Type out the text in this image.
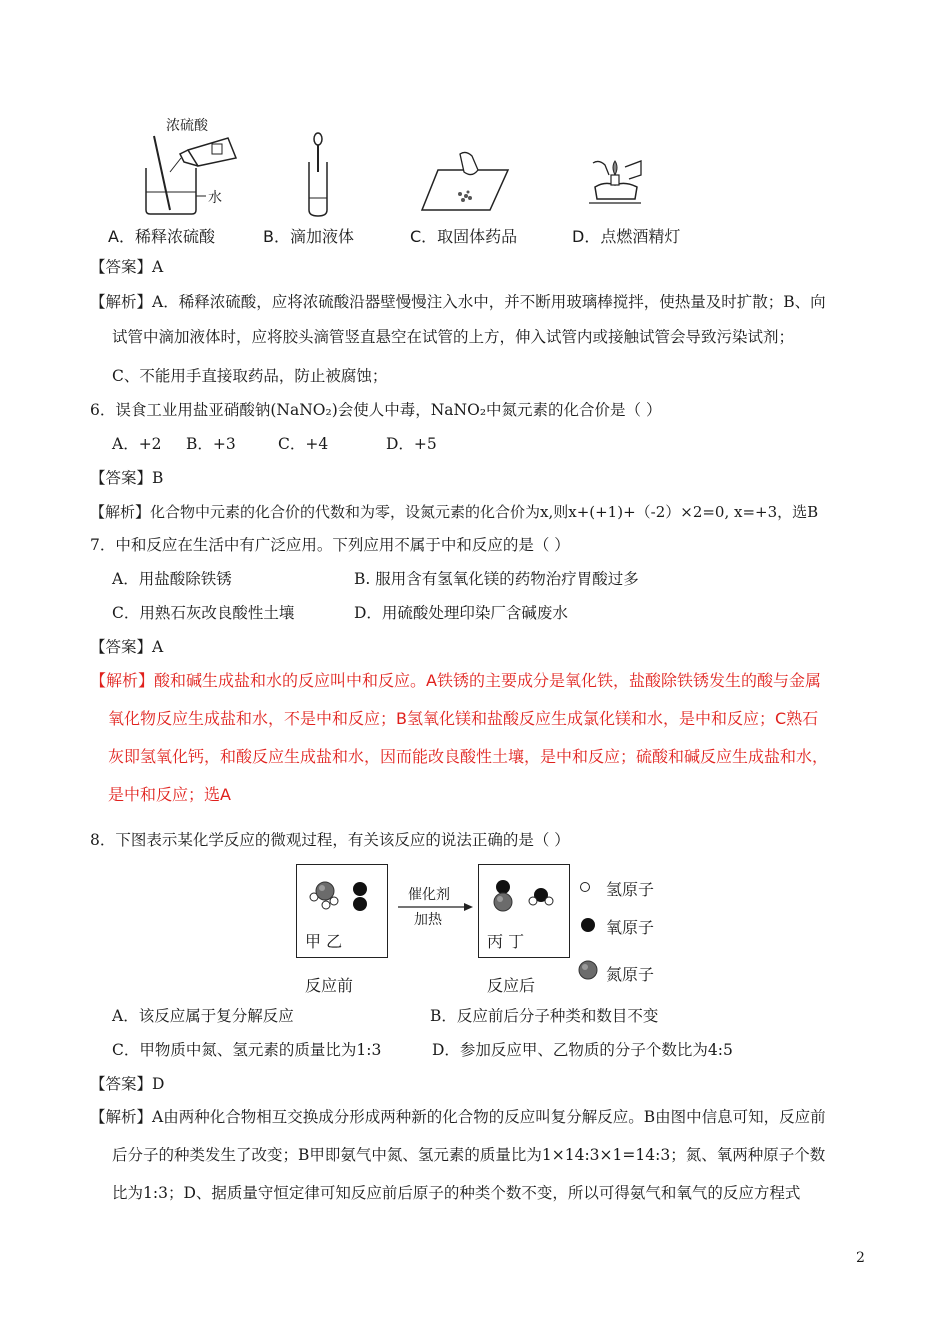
浓硫酸
水
A．稀释浓硫酸	B．滴加液体	C．取固体药品	D．点燃酒精灯
【答案】A
【解析】A．稀释浓硫酸，应将浓硫酸沿器壁慢慢注入水中，并不断用玻璃棒搅拌，使热量及时扩散；B、向
试管中滴加液体时，应将胶头滴管竖直悬空在试管的上方，伸入试管内或接触试管会导致污染试剂；
C、不能用手直接取药品，防止被腐蚀；
6．误食工业用盐亚硝酸钠(NaNO₂)会使人中毒，NaNO₂中氮元素的化合价是（ ）
A．+2 B．+3	C．+4	D．+5
【答案】B
【解析】化合物中元素的化合价的代数和为零，设氮元素的化合价为x,则x+(+1)+（-2）×2=0, x=+3，选B
7．中和反应在生活中有广泛应用。下列应用不属于中和反应的是（ ）
A．用盐酸除铁锈	B. 服用含有氢氧化镁的药物治疗胃酸过多
C．用熟石灰改良酸性土壤	D．用硫酸处理印染厂含碱废水
【答案】A
【解析】酸和碱生成盐和水的反应叫中和反应。A铁锈的主要成分是氧化铁，盐酸除铁锈发生的酸与金属
氧化物反应生成盐和水，不是中和反应；B氢氧化镁和盐酸反应生成氯化镁和水，是中和反应；C熟石
灰即氢氧化钙，和酸反应生成盐和水，因而能改良酸性土壤，是中和反应；硫酸和碱反应生成盐和水，
是中和反应；选A
8．下图表示某化学反应的微观过程，有关该反应的说法正确的是（ ）
甲 乙
催化剂
加热
丙 丁
反应前	反应后
氢原子
氧原子
氮原子
A．该反应属于复分解反应	B．反应前后分子种类和数目不变
C．甲物质中氮、氢元素的质量比为1:3	D．参加反应甲、乙物质的分子个数比为4:5
【答案】D
【解析】A由两种化合物相互交换成分形成两种新的化合物的反应叫复分解反应。B由图中信息可知，反应前
后分子的种类发生了改变；B甲即氨气中氮、氢元素的质量比为1×14:3×1=14:3；氮、氧两种原子个数
比为1:3；D、据质量守恒定律可知反应前后原子的种类个数不变，所以可得氨气和氧气的反应方程式
2
